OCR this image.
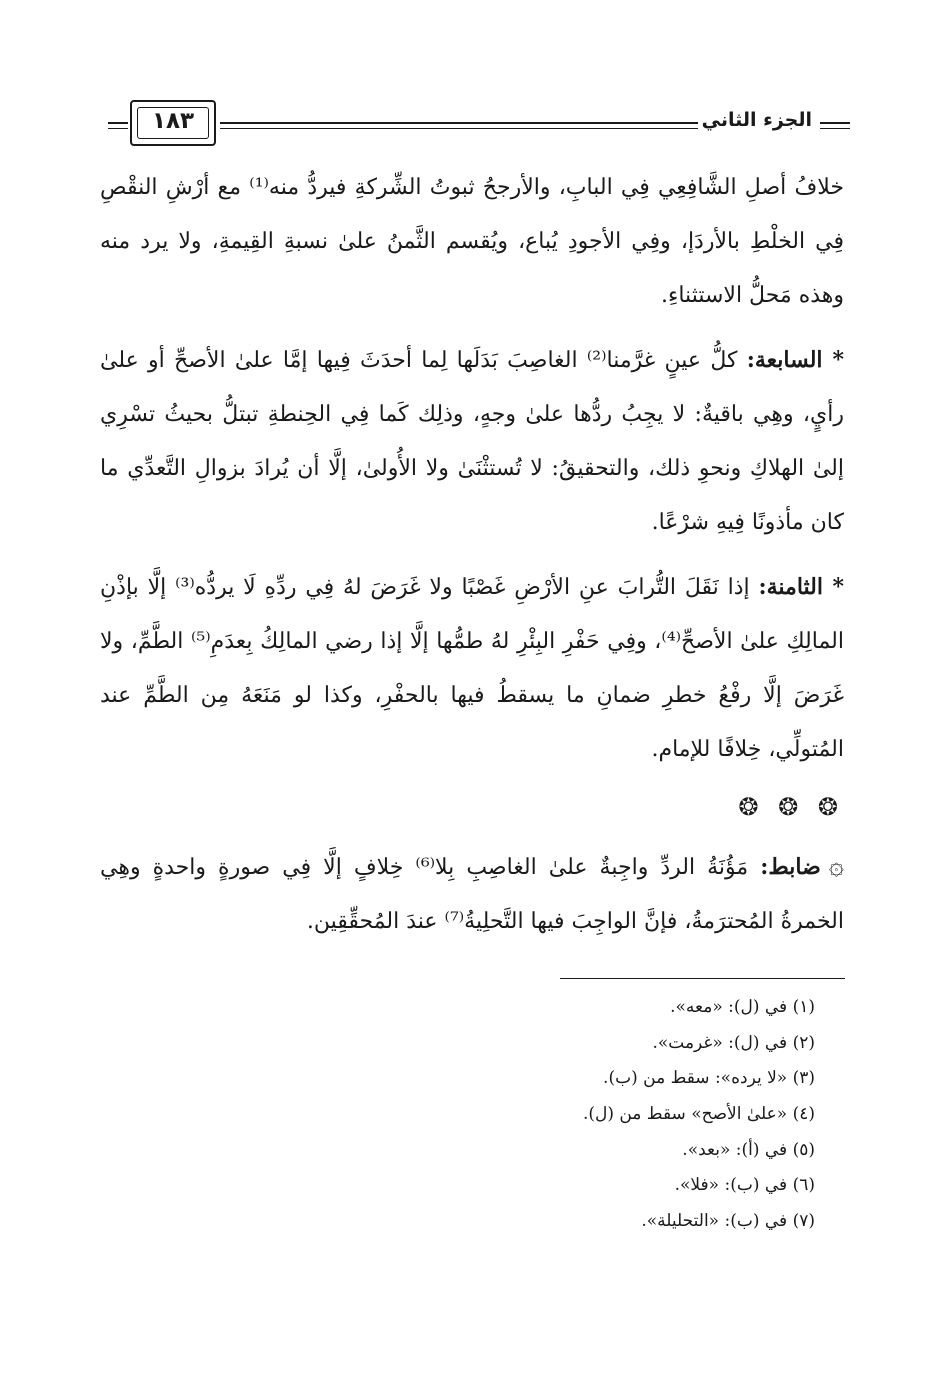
١٨٣	الجزء الثاني

خلافُ أصلِ الشَّافِعِي فِي البابِ، والأرجحُ ثبوتُ الشِّركةِ فيردُّ منه⁽¹⁾ مع أرْشِ النقْصِ فِي الخلْطِ بالأردَإ، وفِي الأجودِ يُباع، ويُقسم الثَّمنُ علىٰ نسبةِ القِيمةِ، ولا يرد منه وهذه مَحلُّ الاستثناءِ.

* السابعة: كلُّ عينٍ غرَّمنا⁽²⁾ الغاصِبَ بَدَلَها لِما أحدَثَ فِيها إمَّا علىٰ الأصحِّ أو علىٰ رأيٍ، وهِي باقيةٌ: لا يجِبُ ردُّها علىٰ وجهٍ، وذلِك كَما فِي الحِنطةِ تبتلُّ بحيثُ تسْرِي إلىٰ الهلاكِ ونحوِ ذلك، والتحقيقُ: لا تُستثْنَىٰ ولا الأُولىٰ، إلَّا أن يُرادَ بزوالِ التَّعدِّي ما كان مأذونًا فِيهِ شرْعًا.

* الثامنة: إذا نَقَلَ التُّرابَ عنِ الأرْضِ غَصْبًا ولا غَرَضَ لهُ فِي ردِّهِ لَا يردُّه⁽³⁾ إلَّا بإذْنِ المالِكِ علىٰ الأصحِّ⁽⁴⁾، وفِي حَفْرِ البِئْرِ لهُ طمُّها إلَّا إذا رضي المالِكُ بِعدَمِ⁽⁵⁾ الطَّمِّ، ولا غَرَضَ إلَّا رفْعُ خطرِ ضمانِ ما يسقطُ فيها بالحفْرِ، وكذا لو مَنَعَهُ مِن الطَّمِّ عند المُتولِّي، خِلافًا للإمام.

❂ ❂ ❂

۞ضابط: مَؤُنَةُ الردِّ واجِبةٌ علىٰ الغاصِبِ بِلا⁽⁶⁾ خِلافٍ إلَّا فِي صورةٍ واحدةٍ وهِي الخمرةُ المُحترَمةُ، فإنَّ الواجِبَ فيها التَّحلِيةُ⁽⁷⁾ عندَ المُحقِّقِين.

(١) في (ل): «معه».
(٢) في (ل): «غرمت».
(٣) «لا يرده»: سقط من (ب).
(٤) «علىٰ الأصح» سقط من (ل).
(٥) في (أ): «بعد».
(٦) في (ب): «فلا».
(٧) في (ب): «التحليلة».
